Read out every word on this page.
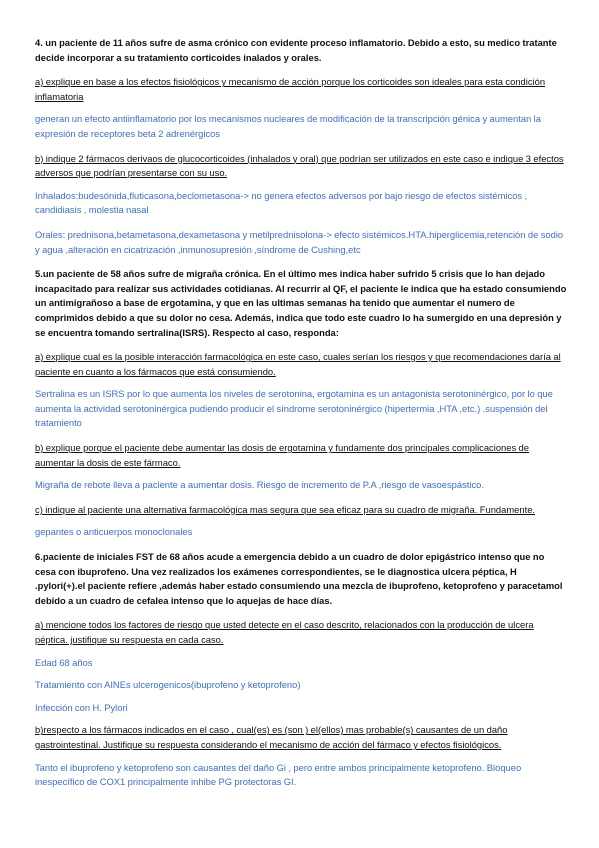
4. un paciente de 11 años sufre de asma crónico con evidente proceso inflamatorio. Debido a esto, su medico tratante decide incorporar a su tratamiento corticoides inalados y orales.
a) explique en base a los efectos fisiológicos y mecanismo de acción porque los corticoides son ideales para esta condición inflamatoria
generan un efecto antiinflamatorio por los mecanismos nucleares de modificación de la transcripción génica y aumentan la expresión de receptores beta 2 adrenérgicos
b) indique 2 fármacos derivaos de glucocorticoides (inhalados y oral) que podrían ser utilizados en este caso e indique 3 efectos adversos que podrían presentarse con su uso.
Inhalados:budesónida,fluticasona,beclometasona-> no genera efectos adversos por bajo riesgo de efectos sistémicos , candidiasis , molestia nasal
Orales: prednisona,betametasona,dexametasona y metilprednisolona-> efecto sistémicos.HTA.hiperglicemia,retención de sodio y agua ,alteración en cicatrización ,inmunosupresión ,síndrome de Cushing,etc
5.un paciente de 58 años sufre de migraña crónica. En el último mes indica haber sufrido 5 crisis que lo han dejado incapacitado para realizar sus actividades cotidianas. Al recurrir al QF, el paciente le indica que ha estado consumiendo un antimigrañoso a base de ergotamina, y que en las ultimas semanas ha tenido que aumentar el numero de comprimidos debido a que su dolor no cesa. Además, indica que todo este cuadro lo ha sumergido en una depresión y se encuentra tomando sertralina(ISRS). Respecto al caso, responda:
a) explique cual es la posible interacción farmacológica en este caso, cuales serían los riesgos y que recomendaciones daría al paciente en cuanto a los fármacos que está consumiendo.
Sertralina es un ISRS por lo que aumenta los niveles de serotonina, ergotamina es un antagonista serotoninérgico, por lo que aumenta la actividad serotoninérgica pudiendo producir el síndrome serotoninérgico (hipertermia ,HTA ,etc.) .suspensión del tratamiento
b) explique porque el paciente debe aumentar las dosis de ergotamina y fundamente dos principales complicaciones de aumentar la dosis de este fármaco.
Migraña de rebote lleva a paciente a aumentar dosis. Riesgo de incremento de P.A ,riesgo de vasoespástico.
c) indique al paciente una alternativa farmacológica mas segura que sea eficaz para su cuadro de migraña. Fundamente.
gepantes o anticuerpos monoclonales
6.paciente de iniciales FST de 68 años acude a emergencia debido a un cuadro de dolor epigástrico intenso que no cesa con ibuprofeno. Una vez realizados los exámenes correspondientes, se le diagnostica ulcera péptica, H .pylori(+).el paciente refiere ,además haber estado consumiendo una mezcla de ibuprofeno, ketoprofeno y paracetamol debido a un cuadro de cefalea intenso que lo aquejas de hace días.
a) mencione todos los factores de riesgo que usted detecte en el caso descrito, relacionados con la producción de ulcera péptica. justifique su respuesta en cada caso.
Edad 68 años
Tratamiento con AINEs ulcerogenicos(ibuprofeno y ketoprofeno)
Infección con H. Pylori
b)respecto a los fármacos indicados en el caso , cual(es) es (son ) el(ellos) mas probable(s) causantes de un daño gastrointestinal. Justifique su respuesta considerando el mecanismo de acción del fármaco y efectos fisiológicos.
Tanto el ibuprofeno y ketoprofeno son causantes del daño Gi , pero entre ambos principalmente ketoprofeno. Bloqueo inespecífico de COX1 principalmente inhibe PG protectoras GI.
